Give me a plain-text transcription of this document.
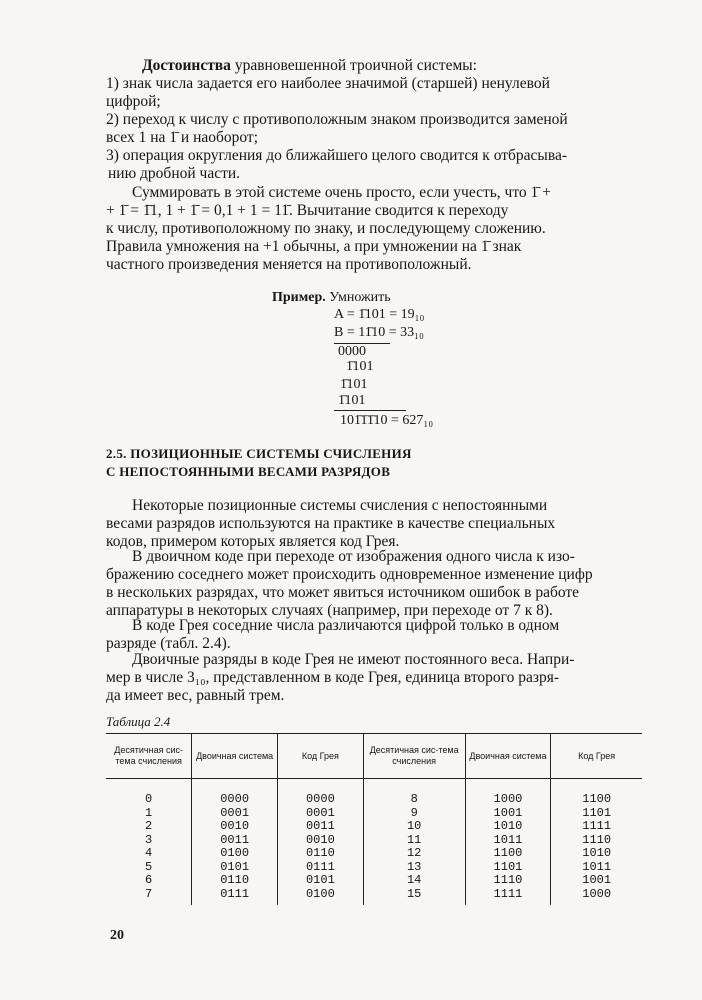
Достоинства уравновешенной троичной системы:
1) знак числа задается его наиболее значимой (старшей) ненулевой
цифрой;
2) переход к числу с противоположным знаком производится заменой
всех 1 на 1̄ и наоборот;
3) операция округления до ближайшего целого сводится к отбрасыва-
нию дробной части.
Суммировать в этой системе очень просто, если учесть, что 1̄ +
+ 1̄ = 1̄1, 1 + 1̄ = 0,1 + 1 = 11̄. Вычитание сводится к переходу
к числу, противоположному по знаку, и последующему сложению.
Правила умножения на +1 обычны, а при умножении на 1̄ знак
частного произведения меняется на противоположный.
Пример. Умножить
A = 1̄101 = 19₁₀
B = 11̄10 = 33₁₀
0000
1̄101
1̄101
1̄101
101̄1̄1̄10 = 627₁₀
2.5. ПОЗИЦИОННЫЕ СИСТЕМЫ СЧИСЛЕНИЯ
С НЕПОСТОЯННЫМИ ВЕСАМИ РАЗРЯДОВ
Некоторые позиционные системы счисления с непостоянными
весами разрядов используются на практике в качестве специальных
кодов, примером которых является код Грея.
В двоичном коде при переходе от изображения одного числа к изо-
бражению соседнего может происходить одновременное изменение цифр
в нескольких разрядах, что может явиться источником ошибок в работе
аппаратуры в некоторых случаях (например, при переходе от 7 к 8).
В коде Грея соседние числа различаются цифрой только в одном
разряде (табл. 2.4).
Двоичные разряды в коде Грея не имеют постоянного веса. Напри-
мер в числе 3₁₀, представленном в коде Грея, единица второго разря-
да имеет вес, равный трем.
Таблица 2.4
Десятичная сис-тема счисления	Двоичная система	Код Грея	Десятичная сис-тема счисления	Двоичная система	Код Грея
0	0000	0000	8	1000	1100
1	0001	0001	9	1001	1101
2	0010	0011	10	1010	1111
3	0011	0010	11	1011	1110
4	0100	0110	12	1100	1010
5	0101	0111	13	1101	1011
6	0110	0101	14	1110	1001
7	0111	0100	15	1111	1000
20
